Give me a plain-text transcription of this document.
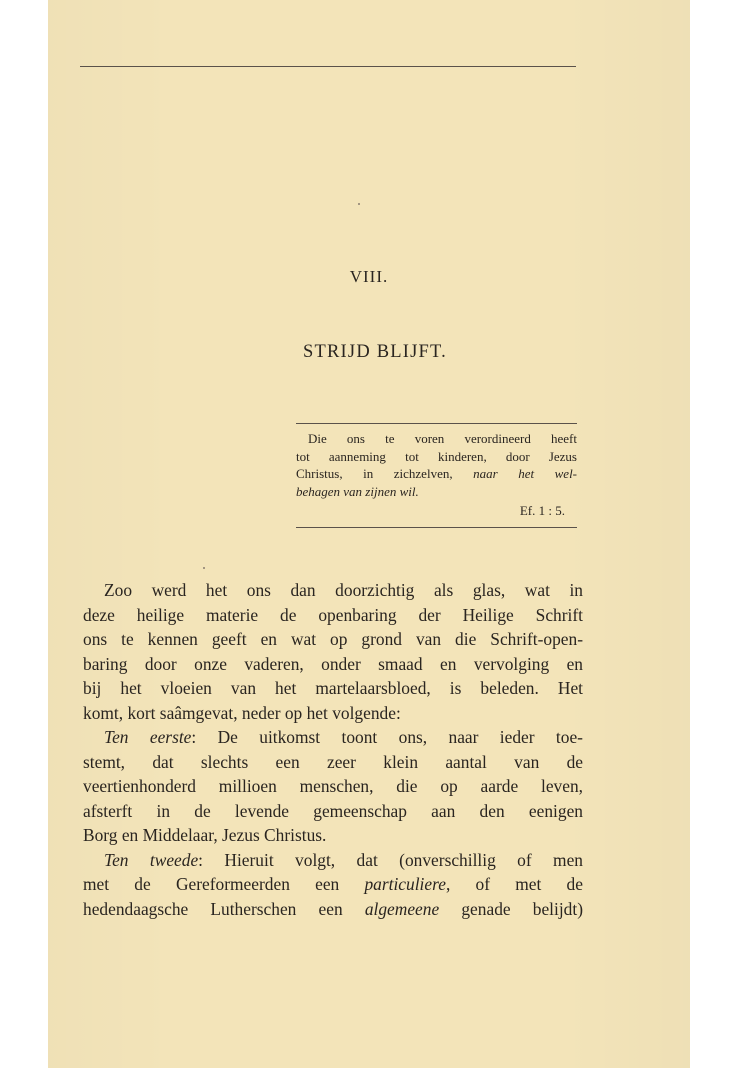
VIII.
STRIJD BLIJFT.
Die ons te voren verordineerd heeft
tot aanneming tot kinderen, door Jezus
Christus, in zichzelven, naar het wel-
behagen van zijnen wil.
Ef. 1 : 5.
Zoo werd het ons dan doorzichtig als glas, wat in
deze heilige materie de openbaring der Heilige Schrift
ons te kennen geeft en wat op grond van die Schrift-open-
baring door onze vaderen, onder smaad en vervolging en
bij het vloeien van het martelaarsbloed, is beleden. Het
komt, kort saâmgevat, neder op het volgende:
Ten eerste: De uitkomst toont ons, naar ieder toe-
stemt, dat slechts een zeer klein aantal van de
veertienhonderd millioen menschen, die op aarde leven,
afsterft in de levende gemeenschap aan den eenigen
Borg en Middelaar, Jezus Christus.
Ten tweede: Hieruit volgt, dat (onverschillig of men
met de Gereformeerden een particuliere, of met de
hedendaagsche Lutherschen een algemeene genade belijdt)
